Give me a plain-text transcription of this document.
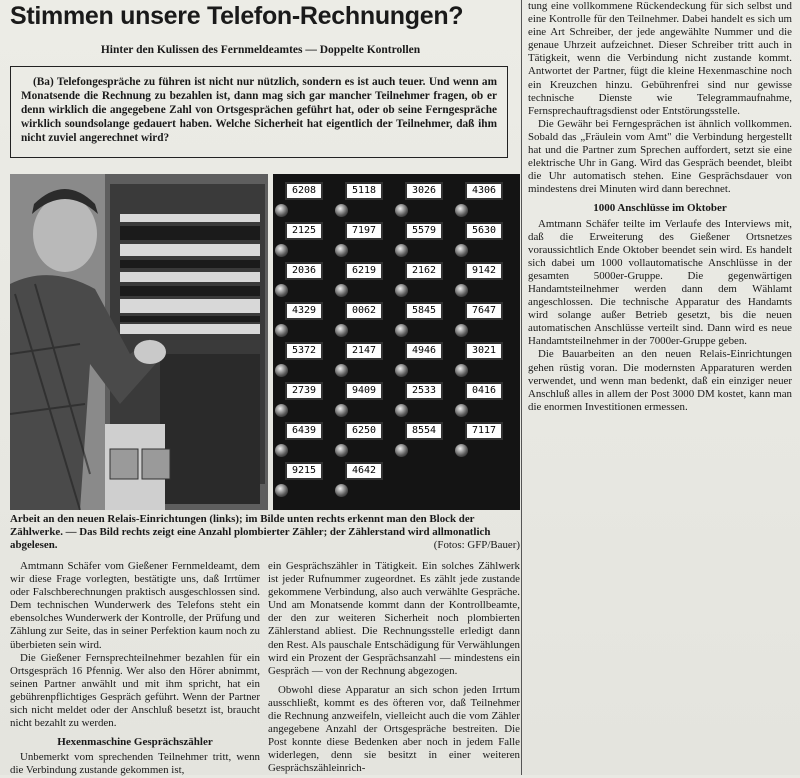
Stimmen unsere Telefon-Rechnungen?
Hinter den Kulissen des Fernmeldeamtes — Doppelte Kontrollen
(Ba) Telefongespräche zu führen ist nicht nur nützlich, sondern es ist auch teuer. Und wenn am Monatsende die Rechnung zu bezahlen ist, dann mag sich gar mancher Teilnehmer fragen, ob er denn wirklich die angegebene Zahl von Ortsgesprächen geführt hat, oder ob seine Ferngespräche wirklich soundsolange gedauert haben. Welche Sicherheit hat eigentlich der Teilnehmer, daß ihm nicht zuviel angerechnet wird?
6208	5118	3026	4306
2125	7197	5579	5630
2036	6219	2162	9142
4329	0062	5845	7647
5372	2147	4946	3021
2739	9409	2533	0416
6439	6250	8554	7117
9215	4642
Arbeit an den neuen Relais-Einrichtungen (links); im Bilde unten rechts erkennt man den Block der Zählwerke. — Das Bild rechts zeigt eine Anzahl plombierter Zähler; der Zählerstand wird allmonatlich abgelesen.	(Fotos: GFP/Bauer)

Amtmann Schäfer vom Gießener Fernmeldeamt, dem wir diese Frage vorlegten, bestätigte uns, daß Irrtümer oder Falschberechnungen praktisch ausgeschlossen sind. Dem technischen Wunderwerk des Telefons steht ein ebensolches Wunderwerk der Kontrolle, der Prüfung und Zählung zur Seite, das in seiner Perfektion kaum noch zu überbieten sein wird.

Die Gießener Fernsprechteilnehmer bezahlen für ein Ortsgespräch 16 Pfennig. Wer also den Hörer abnimmt, seinen Partner anwählt und mit ihm spricht, hat ein gebührenpflichtiges Gespräch geführt. Wenn der Partner sich nicht meldet oder der Anschluß besetzt ist, braucht nicht bezahlt zu werden.

Hexenmaschine Gesprächszähler

Unbemerkt vom sprechenden Teilnehmer tritt, wenn die Verbindung zustande gekommen ist,

ein Gesprächszähler in Tätigkeit. Ein solches Zählwerk ist jeder Rufnummer zugeordnet. Es zählt jede zustande gekommene Verbindung, also auch verwählte Gespräche. Und am Monatsende kommt dann der Kontrollbeamte, der den zur weiteren Sicherheit noch plombierten Zählerstand abliest. Die Rechnungsstelle erledigt dann den Rest. Als pauschale Entschädigung für Verwählungen wird ein Prozent der Gesprächsanzahl — mindestens ein Gespräch — von der Rechnung abgezogen.

Obwohl diese Apparatur an sich schon jeden Irrtum ausschließt, kommt es des öfteren vor, daß Teilnehmer die Rechnung anzweifeln, vielleicht auch die vom Zähler angegebene Anzahl der Ortsgespräche bestreiten. Die Post konnte diese Bedenken aber noch in jedem Falle widerlegen, denn sie besitzt in einer weiteren Gesprächszähleinrich-

tung eine vollkommene Rückendeckung für sich selbst und eine Kontrolle für den Teilnehmer. Dabei handelt es sich um eine Art Schreiber, der jede angewählte Nummer und die genaue Uhrzeit aufzeichnet. Dieser Schreiber tritt auch in Tätigkeit, wenn die Verbindung nicht zustande kommt. Antwortet der Partner, fügt die kleine Hexenmaschine noch ein Kreuzchen hinzu. Gebührenfrei sind nur gewisse technische Dienste wie Telegrammaufnahme, Fernsprechauftragsdienst oder Entstörungsstelle.

Die Gewähr bei Ferngesprächen ist ähnlich vollkommen. Sobald das „Fräulein vom Amt" die Verbindung hergestellt hat und die Partner zum Sprechen auffordert, setzt sie eine elektrische Uhr in Gang. Wird das Gespräch beendet, bleibt die Uhr automatisch stehen. Eine Gesprächsdauer von mindestens drei Minuten wird dann berechnet.

1000 Anschlüsse im Oktober

Amtmann Schäfer teilte im Verlaufe des Interviews mit, daß die Erweiterung des Gießener Ortsnetzes voraussichtlich Ende Oktober beendet sein wird. Es handelt sich dabei um 1000 vollautomatische Anschlüsse in der gesamten 5000er-Gruppe. Die gegenwärtigen Handamtsteilnehmer werden dann dem Wählamt angeschlossen. Die technische Apparatur des Handamts wird solange außer Betrieb gesetzt, bis die neuen automatischen Anschlüsse verteilt sind. Dann wird es neue Handamtsteilnehmer in der 7000er-Gruppe geben.

Die Bauarbeiten an den neuen Relais-Einrichtungen gehen rüstig voran. Die modernsten Apparaturen werden verwendet, und wenn man bedenkt, daß ein einziger neuer Anschluß alles in allem der Post 3000 DM kostet, kann man die enormen Investitionen ermessen.
